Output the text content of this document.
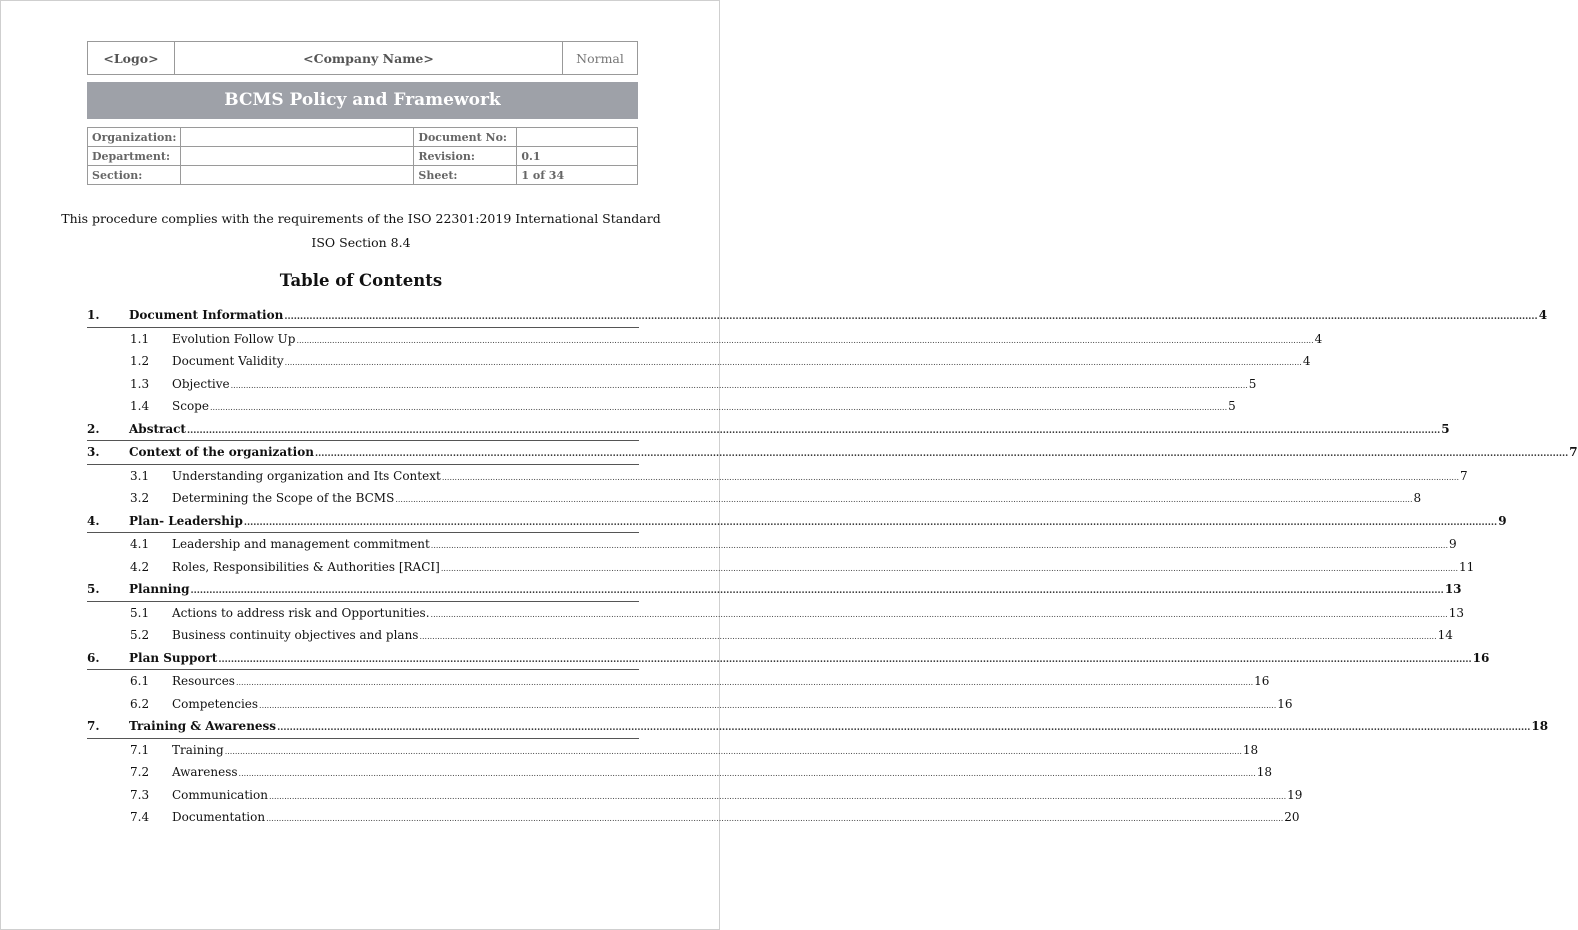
<Logo>	<Company Name>	Normal
BCMS Policy and Framework
Organization:		Document No:	
Department:		Revision:	0.1
Section:		Sheet:	1 of 34
This procedure complies with the requirements of the ISO 22301:2019 International Standard
ISO Section 8.4
Table of Contents
1. Document Information ................................................................................................................................................................................................................................................................................................................................................................................................................ 4
1.1 Evolution Follow Up ................................................................................................................................................................................................................................................................................................................................................................................................................ 4
1.2 Document Validity ................................................................................................................................................................................................................................................................................................................................................................................................................ 4
1.3 Objective ................................................................................................................................................................................................................................................................................................................................................................................................................ 5
1.4 Scope ................................................................................................................................................................................................................................................................................................................................................................................................................ 5
2. Abstract ................................................................................................................................................................................................................................................................................................................................................................................................................ 5
3. Context of the organization ................................................................................................................................................................................................................................................................................................................................................................................................................ 7
3.1 Understanding organization and Its Context ................................................................................................................................................................................................................................................................................................................................................................................................................ 7
3.2 Determining the Scope of the BCMS ................................................................................................................................................................................................................................................................................................................................................................................................................ 8
4. Plan- Leadership ................................................................................................................................................................................................................................................................................................................................................................................................................ 9
4.1 Leadership and management commitment ................................................................................................................................................................................................................................................................................................................................................................................................................ 9
4.2 Roles, Responsibilities & Authorities [RACI] ................................................................................................................................................................................................................................................................................................................................................................................................................ 11
5. Planning ................................................................................................................................................................................................................................................................................................................................................................................................................ 13
5.1 Actions to address risk and Opportunities. ................................................................................................................................................................................................................................................................................................................................................................................................................ 13
5.2 Business continuity objectives and plans ................................................................................................................................................................................................................................................................................................................................................................................................................ 14
6. Plan Support ................................................................................................................................................................................................................................................................................................................................................................................................................ 16
6.1 Resources ................................................................................................................................................................................................................................................................................................................................................................................................................ 16
6.2 Competencies ................................................................................................................................................................................................................................................................................................................................................................................................................ 16
7. Training & Awareness ................................................................................................................................................................................................................................................................................................................................................................................................................ 18
7.1 Training ................................................................................................................................................................................................................................................................................................................................................................................................................ 18
7.2 Awareness ................................................................................................................................................................................................................................................................................................................................................................................................................ 18
7.3 Communication ................................................................................................................................................................................................................................................................................................................................................................................................................ 19
7.4 Documentation ................................................................................................................................................................................................................................................................................................................................................................................................................ 20
